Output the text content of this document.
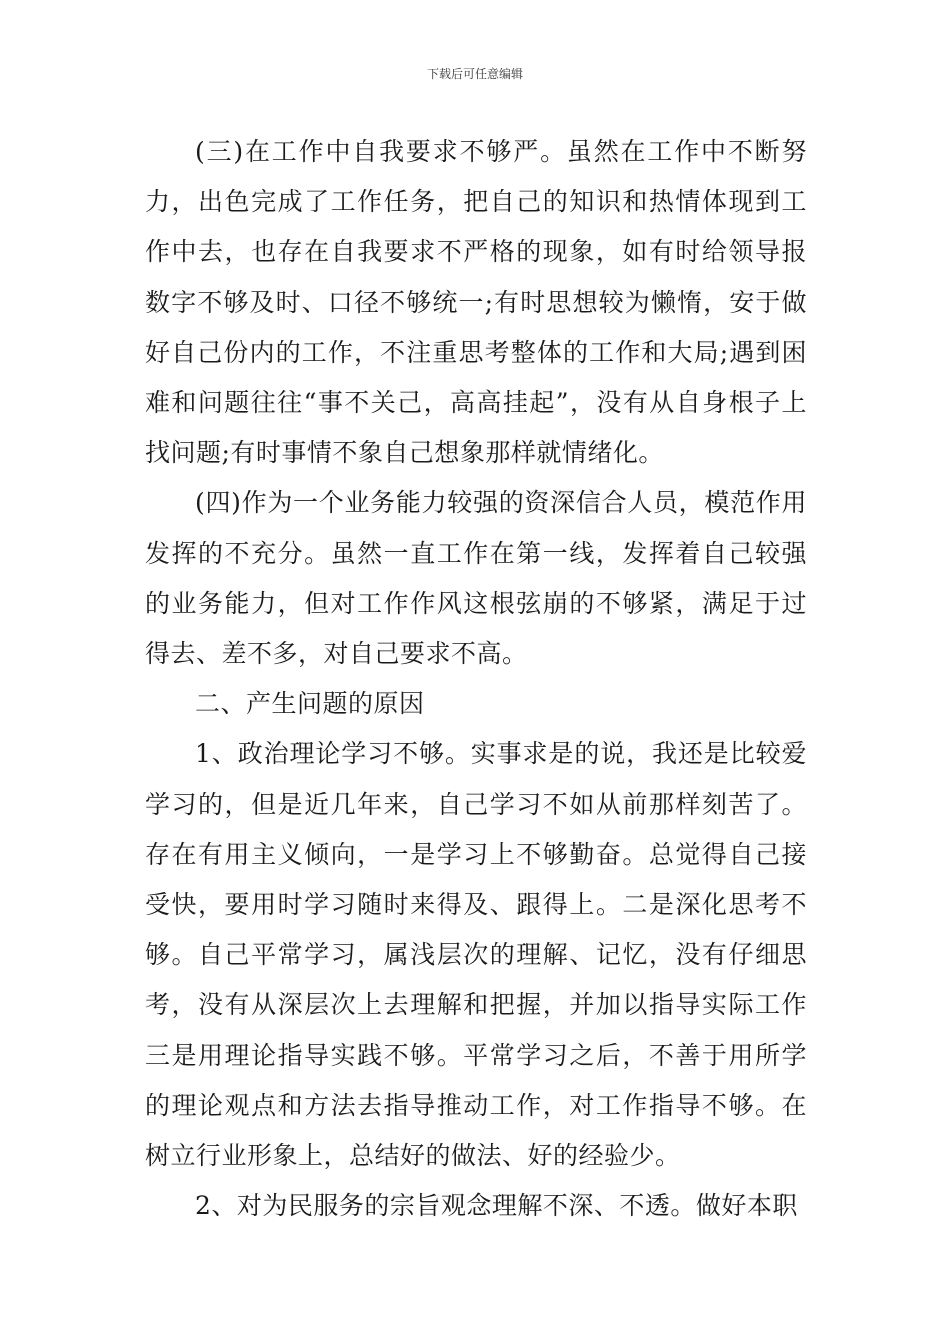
下载后可任意编辑

(三)在工作中自我要求不够严。虽然在工作中不断努力，出色完成了工作任务，把自己的知识和热情体现到工作中去，也存在自我要求不严格的现象，如有时给领导报数字不够及时、口径不够统一;有时思想较为懒惰，安于做好自己份内的工作，不注重思考整体的工作和大局;遇到困难和问题往往“事不关己，高高挂起”，没有从自身根子上找问题;有时事情不象自己想象那样就情绪化。

(四)作为一个业务能力较强的资深信合人员，模范作用发挥的不充分。虽然一直工作在第一线，发挥着自己较强的业务能力，但对工作作风这根弦崩的不够紧，满足于过得去、差不多，对自己要求不高。

二、产生问题的原因

1、政治理论学习不够。实事求是的说，我还是比较爱学习的，但是近几年来，自己学习不如从前那样刻苦了。存在有用主义倾向，一是学习上不够勤奋。总觉得自己接受快，要用时学习随时来得及、跟得上。二是深化思考不够。自己平常学习，属浅层次的理解、记忆，没有仔细思考，没有从深层次上去理解和把握，并加以指导实际工作三是用理论指导实践不够。平常学习之后，不善于用所学的理论观点和方法去指导推动工作，对工作指导不够。在树立行业形象上，总结好的做法、好的经验少。

2、对为民服务的宗旨观念理解不深、不透。做好本职
